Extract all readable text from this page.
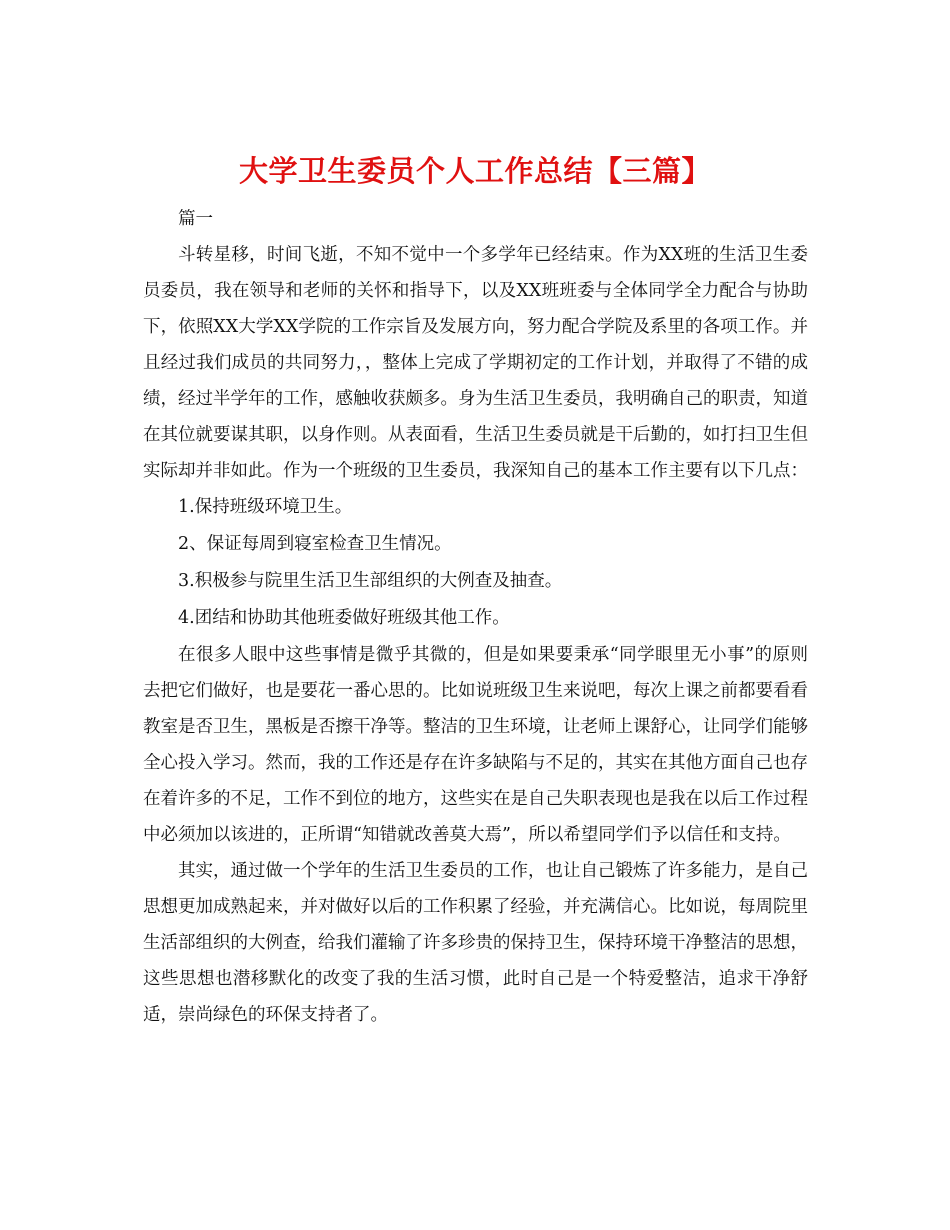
大学卫生委员个人工作总结【三篇】

篇一

斗转星移，时间飞逝，不知不觉中一个多学年已经结束。作为XX班的生活卫生委员委员，我在领导和老师的关怀和指导下，以及XX班班委与全体同学全力配合与协助下，依照XX大学XX学院的工作宗旨及发展方向，努力配合学院及系里的各项工作。并且经过我们成员的共同努力，，整体上完成了学期初定的工作计划，并取得了不错的成绩，经过半学年的工作，感触收获颇多。身为生活卫生委员，我明确自己的职责，知道在其位就要谋其职，以身作则。从表面看，生活卫生委员就是干后勤的，如打扫卫生但实际却并非如此。作为一个班级的卫生委员，我深知自己的基本工作主要有以下几点：

1.保持班级环境卫生。

2、保证每周到寝室检查卫生情况。

3.积极参与院里生活卫生部组织的大例查及抽查。

4.团结和协助其他班委做好班级其他工作。

在很多人眼中这些事情是微乎其微的，但是如果要秉承“同学眼里无小事”的原则去把它们做好，也是要花一番心思的。比如说班级卫生来说吧，每次上课之前都要看看教室是否卫生，黑板是否擦干净等。整洁的卫生环境，让老师上课舒心，让同学们能够全心投入学习。然而，我的工作还是存在许多缺陷与不足的，其实在其他方面自己也存在着许多的不足，工作不到位的地方，这些实在是自己失职表现也是我在以后工作过程中必须加以该进的，正所谓“知错就改善莫大焉”，所以希望同学们予以信任和支持。

其实，通过做一个学年的生活卫生委员的工作，也让自己锻炼了许多能力，是自己思想更加成熟起来，并对做好以后的工作积累了经验，并充满信心。比如说，每周院里生活部组织的大例查，给我们灌输了许多珍贵的保持卫生，保持环境干净整洁的思想，这些思想也潜移默化的改变了我的生活习惯，此时自己是一个特爱整洁，追求干净舒适，崇尚绿色的环保支持者了。
